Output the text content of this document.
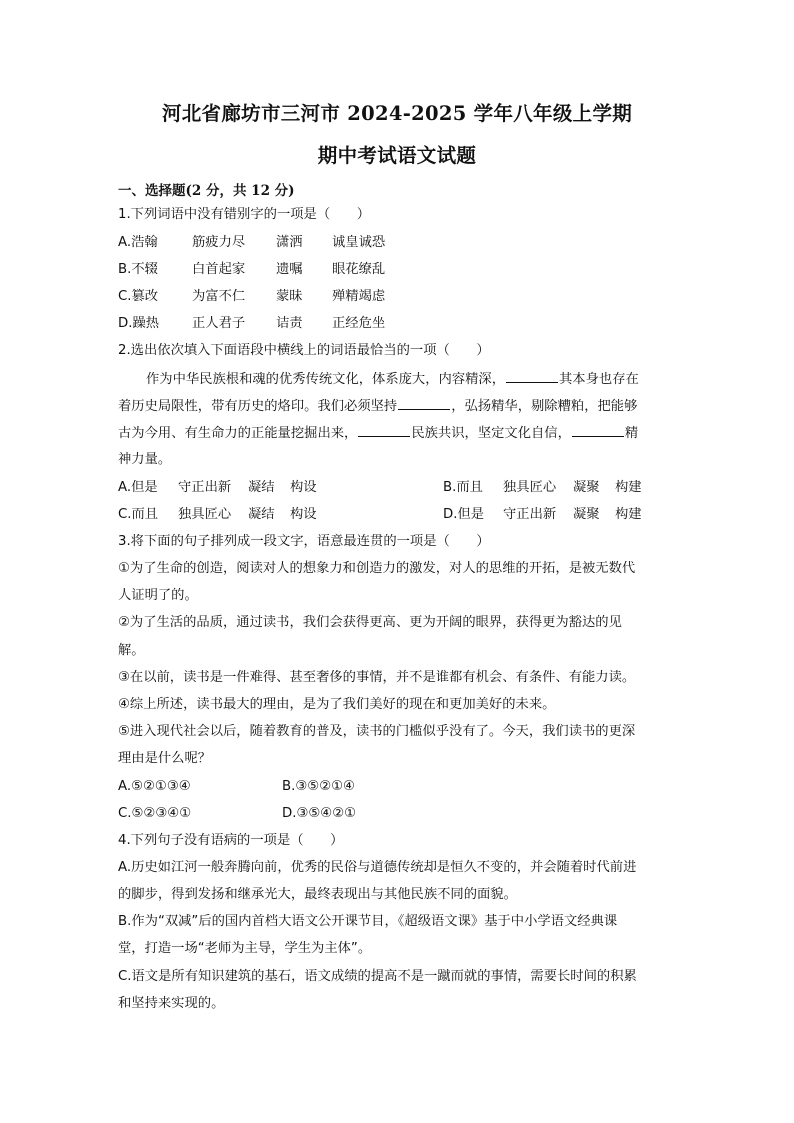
河北省廊坊市三河市 2024-2025 学年八年级上学期
期中考试语文试题
一、选择题(2 分，共 12 分)
1.下列词语中没有错别字的一项是（　　）
A.浩翰	筋疲力尽 潇洒 诚皇诚恐
B.不辍	白首起家 遗嘱 眼花缭乱
C.篡改	为富不仁 蒙昧 殚精竭虑
D.躁热 正人君子 诘责 正经危坐
2.选出依次填入下面语段中横线上的词语最恰当的一项（　　）
作为中华民族根和魂的优秀传统文化，体系庞大，内容精深，	其本身也存在
着历史局限性，带有历史的烙印。我们必须坚持	，弘扬精华，剔除糟粕，把能够
古为今用、有生命力的正能量挖掘出来，	民族共识，坚定文化自信，	精
神力量。
A.但是 守正出新 凝结 构设	B.而且 独具匠心 凝聚 构建
C.而且 独具匠心 凝结 构设	D.但是 守正出新 凝聚 构建
3.将下面的句子排列成一段文字，语意最连贯的一项是（　　）
①为了生命的创造，阅读对人的想象力和创造力的激发，对人的思维的开拓，是被无数代
人证明了的。
②为了生活的品质，通过读书，我们会获得更高、更为开阔的眼界，获得更为豁达的见
解。
③在以前，读书是一件难得、甚至奢侈的事情，并不是谁都有机会、有条件、有能力读。
④综上所述，读书最大的理由，是为了我们美好的现在和更加美好的未来。
⑤进入现代社会以后，随着教育的普及，读书的门槛似乎没有了。今天，我们读书的更深
理由是什么呢？
A.⑤②①③④	B.③⑤②①④
C.⑤②③④①	D.③⑤④②①
4.下列句子没有语病的一项是（　　）
A.历史如江河一般奔腾向前，优秀的民俗与道德传统却是恒久不变的，并会随着时代前进
的脚步，得到发扬和继承光大，最终表现出与其他民族不同的面貌。
B.作为“双减”后的国内首档大语文公开课节目，《超级语文课》基于中小学语文经典课
堂，打造一场“老师为主导，学生为主体”。
C.语文是所有知识建筑的基石，语文成绩的提高不是一蹴而就的事情，需要长时间的积累
和坚持来实现的。
